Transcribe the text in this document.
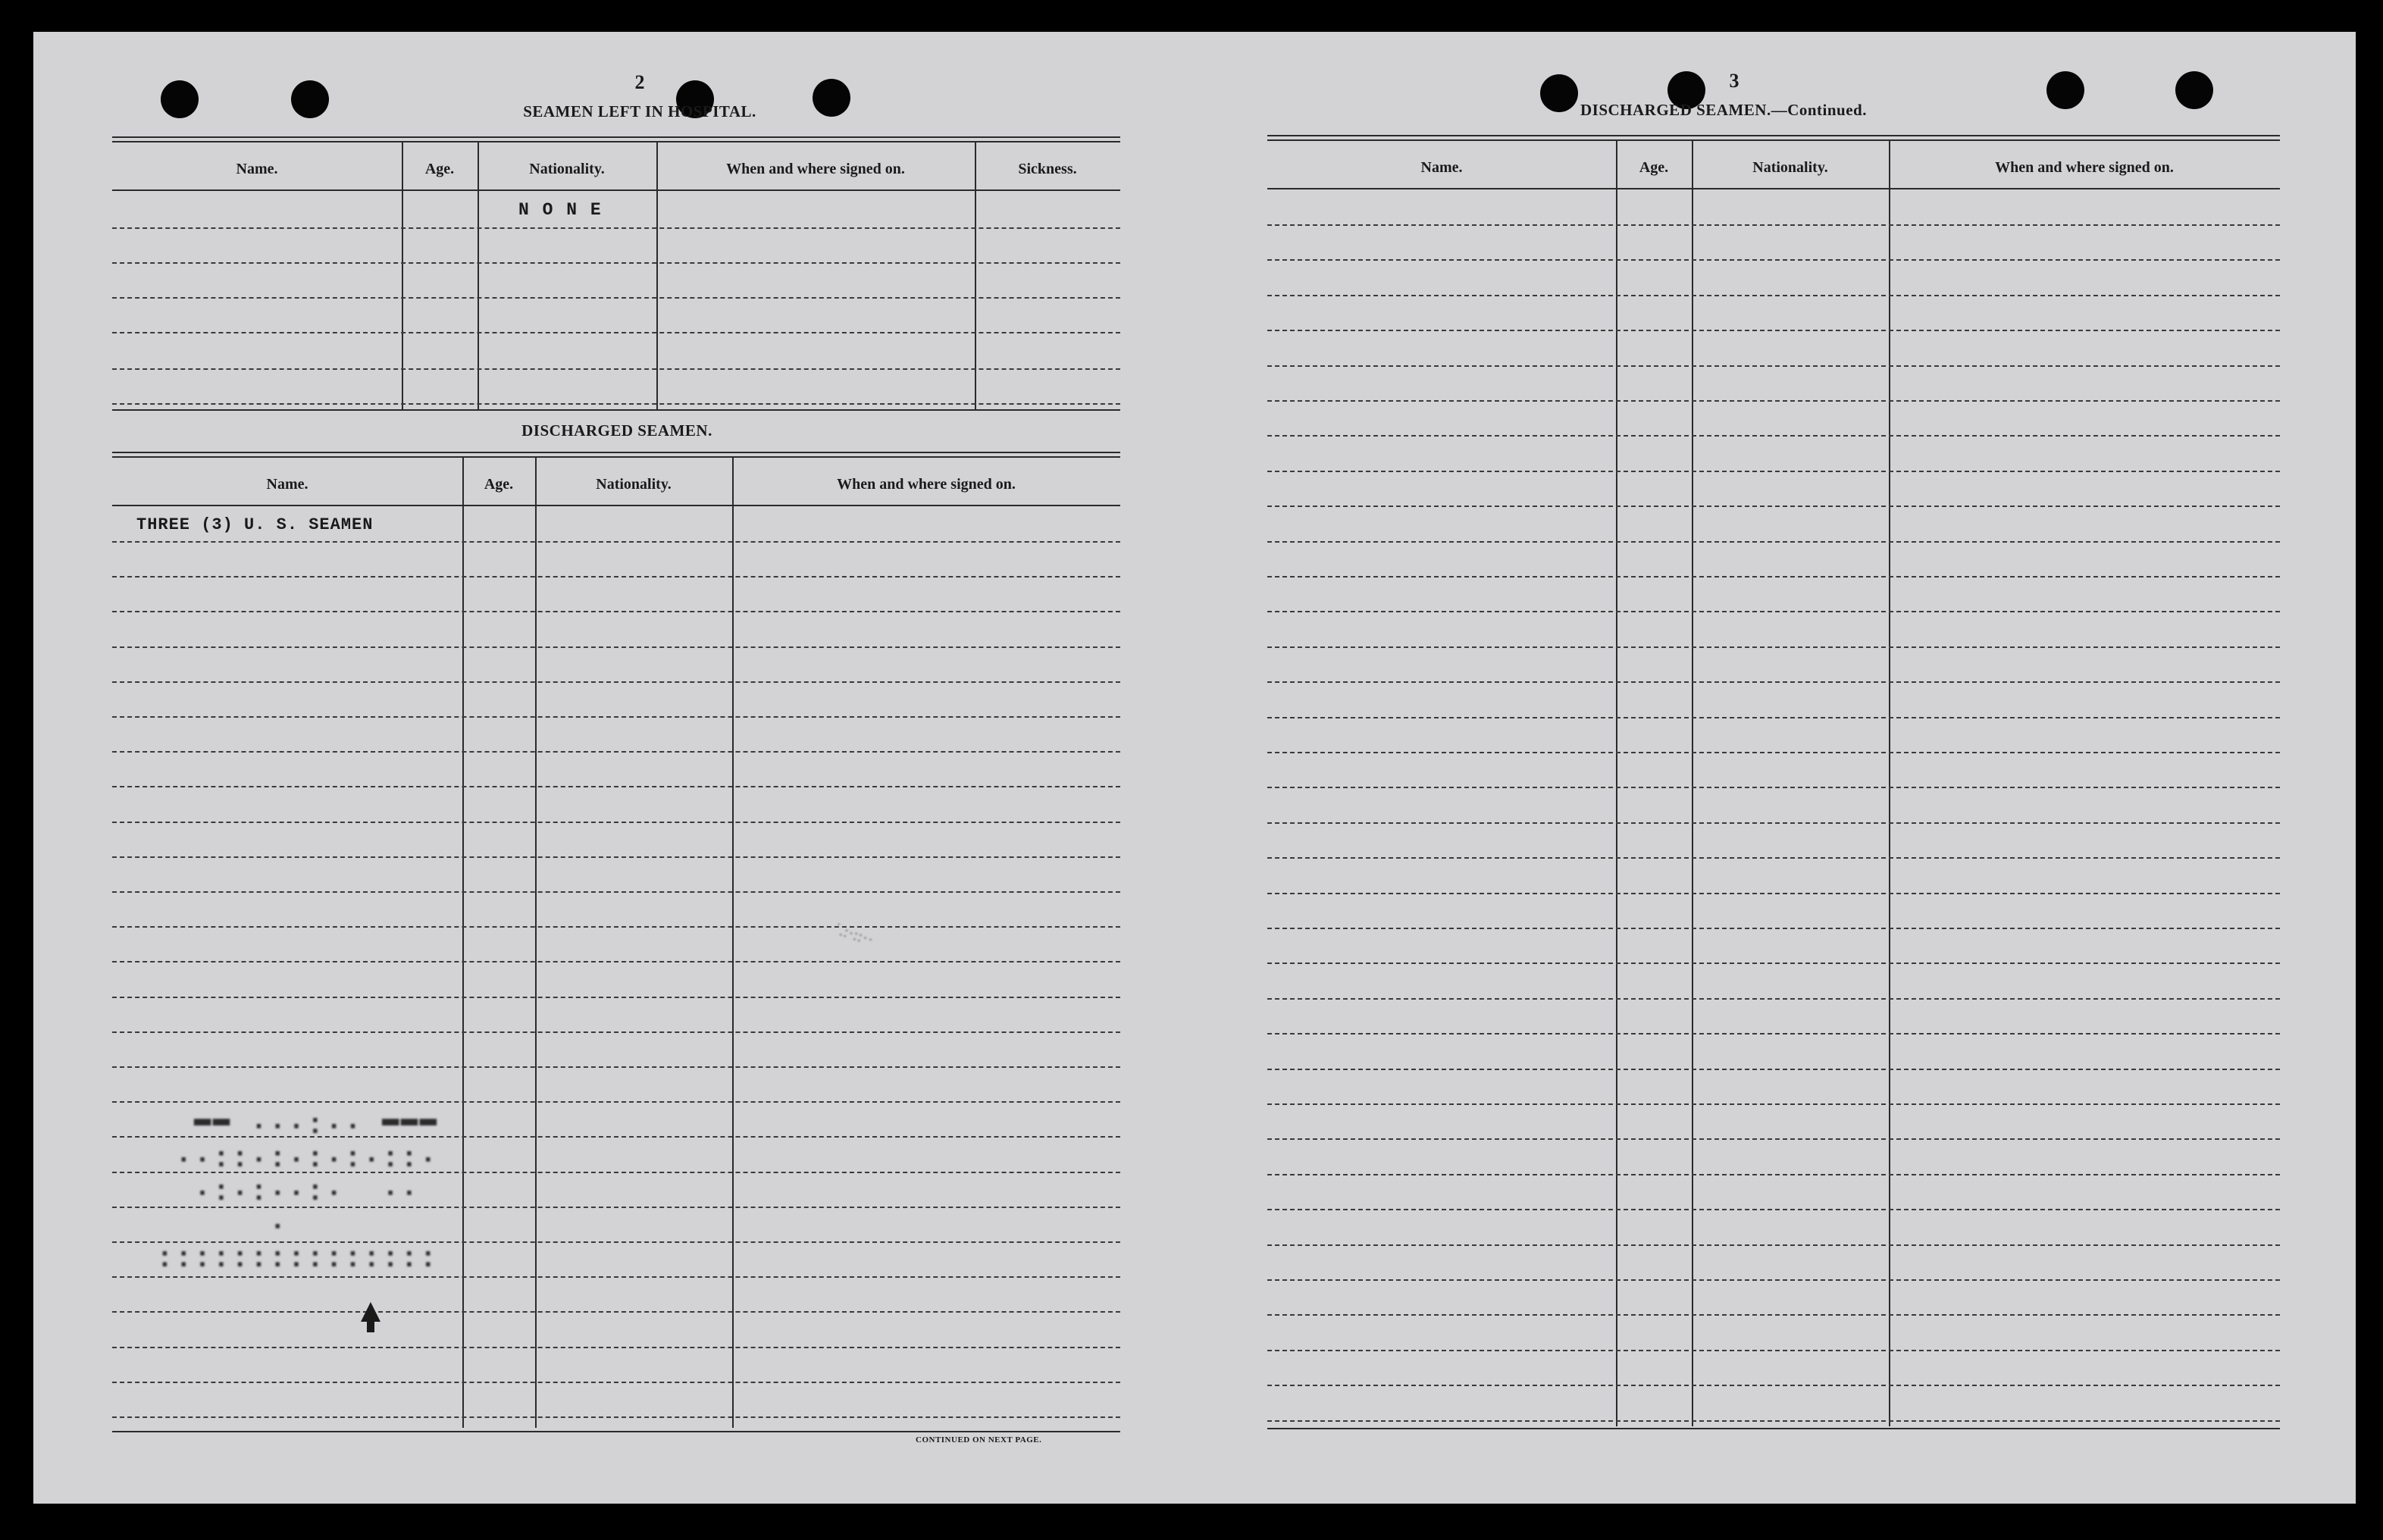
2
SEAMEN LEFT IN HOSPITAL.
Name.	Age.	Nationality.	When and where signed on.	Sickness.
N O N E
DISCHARGED SEAMEN.
Name.	Age.	Nationality.	When and where signed on.
THREE (3) U. S. SEAMEN
CONTINUED ON NEXT PAGE.
˙.:·::··

:::::::::::::::
·
··  ·:··:·:·
·::·:·:·:·::··
▬▬▬ ··:··· ▬▬

3
DISCHARGED SEAMEN.—Continued.
Name.	Age.	Nationality.	When and where signed on.
